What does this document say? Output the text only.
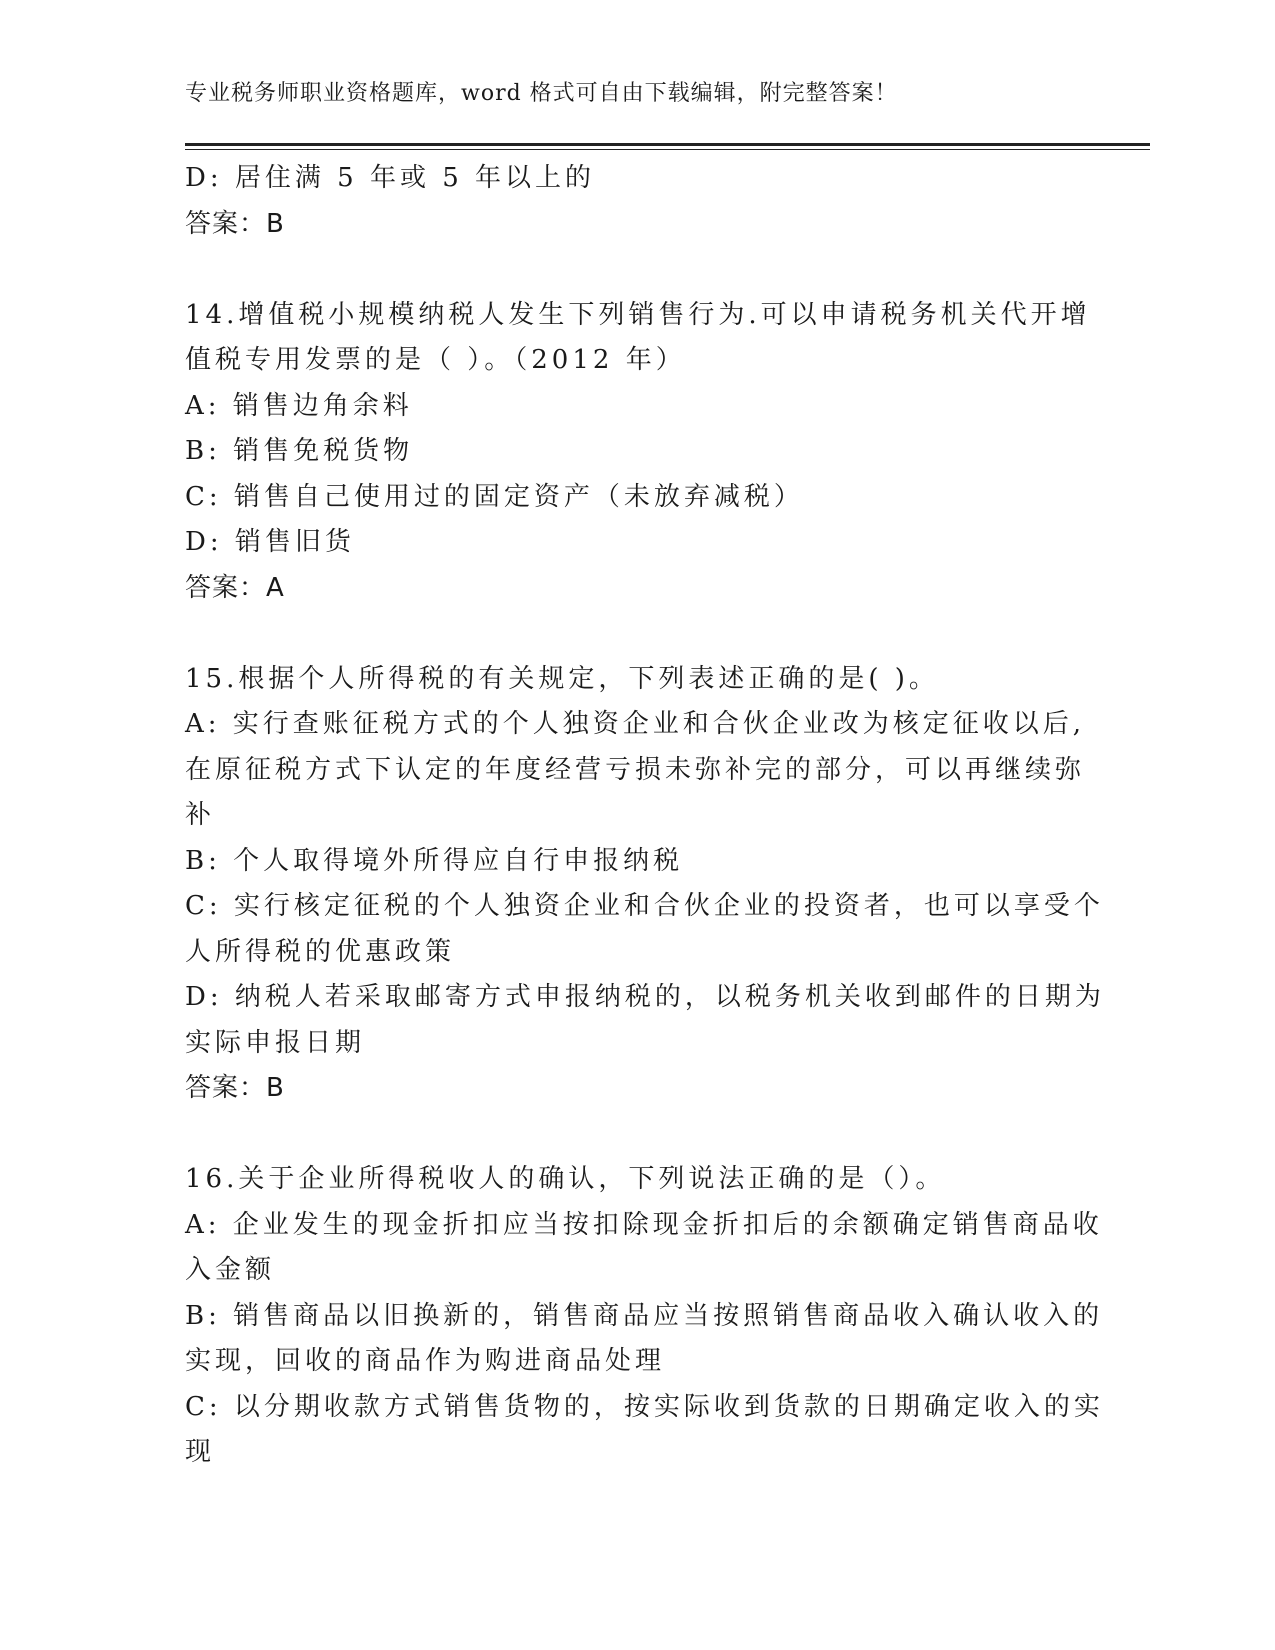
专业税务师职业资格题库，word 格式可自由下载编辑，附完整答案！
D: 居住满 5 年或 5 年以上的
答案：B
14.增值税小规模纳税人发生下列销售行为.可以申请税务机关代开增
值税专用发票的是（ ）。（2012 年）
A: 销售边角余料
B: 销售免税货物
C: 销售自己使用过的固定资产（未放弃减税）
D: 销售旧货
答案：A
15.根据个人所得税的有关规定，下列表述正确的是( )。
A: 实行查账征税方式的个人独资企业和合伙企业改为核定征收以后,
在原征税方式下认定的年度经营亏损未弥补完的部分，可以再继续弥
补
B: 个人取得境外所得应自行申报纳税
C: 实行核定征税的个人独资企业和合伙企业的投资者，也可以享受个
人所得税的优惠政策
D: 纳税人若采取邮寄方式申报纳税的，以税务机关收到邮件的日期为
实际申报日期
答案：B
16.关于企业所得税收人的确认，下列说法正确的是（）。
A: 企业发生的现金折扣应当按扣除现金折扣后的余额确定销售商品收
入金额
B: 销售商品以旧换新的，销售商品应当按照销售商品收入确认收入的
实现，回收的商品作为购进商品处理
C: 以分期收款方式销售货物的，按实际收到货款的日期确定收入的实
现
